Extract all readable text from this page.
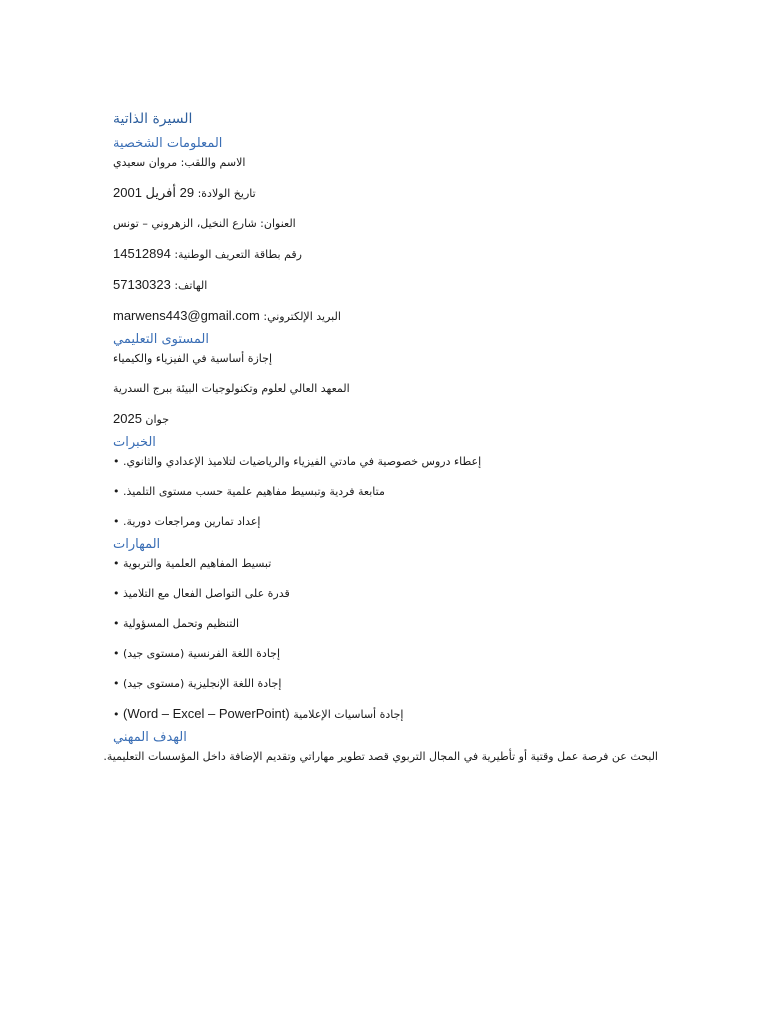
السيرة الذاتية
المعلومات الشخصية
الاسم واللقب: مروان سعيدي
تاريخ الولادة: 29 أفريل 2001
العنوان: شارع النخيل، الزهروني – تونس
رقم بطاقة التعريف الوطنية: 14512894
الهاتف: 57130323
البريد الإلكتروني: marwens443@gmail.com
المستوى التعليمي
إجازة أساسية في الفيزياء والكيمياء
المعهد العالي لعلوم وتكنولوجيات البيئة ببرج السدرية
جوان 2025
الخبرات
إعطاء دروس خصوصية في مادتي الفيزياء والرياضيات لتلاميذ الإعدادي والثانوي. •
متابعة فردية وتبسيط مفاهيم علمية حسب مستوى التلميذ. •
إعداد تمارين ومراجعات دورية. •
المهارات
تبسيط المفاهيم العلمية والتربوية •
قدرة على التواصل الفعال مع التلاميذ •
التنظيم وتحمل المسؤولية •
إجادة اللغة الفرنسية (مستوى جيد) •
إجادة اللغة الإنجليزية (مستوى جيد) •
إجادة أساسيات الإعلامية (Word – Excel – PowerPoint) •
الهدف المهني
البحث عن فرصة عمل وقتية أو تأطيرية في المجال التربوي قصد تطوير مهاراتي وتقديم الإضافة داخل المؤسسات التعليمية.
